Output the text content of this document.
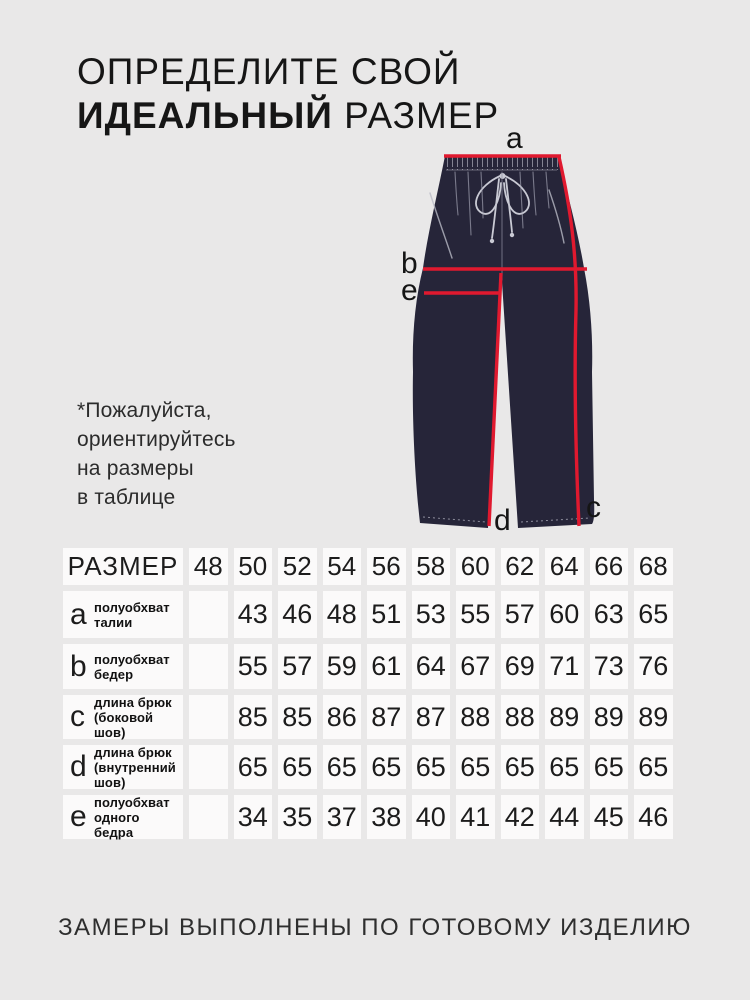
ОПРЕДЕЛИТЕ СВОЙ
ИДЕАЛЬНЫЙ РАЗМЕР
*Пожалуйста,
ориентируйтесь
на размеры
в таблице
a
b
c
d
e
РАЗМЕР 48 50 52 54 56 58 60 62 64 66 68
a полуобхват талии	43 46 48 51 53 55 57 60 63 65
b полуобхват бедер	55 57 59 61 64 67 69 71 73 76
c длина брюк (боковой шов)
85 85 86 87 87 88 88 89 89 89
d длина брюк (внутренний шов)
65 65 65 65 65 65 65 65 65 65
e полуобхват одного бедра
34 35 37 38 40 41 42 44 45 46
ЗАМЕРЫ ВЫПОЛНЕНЫ ПО ГОТОВОМУ ИЗДЕЛИЮ
